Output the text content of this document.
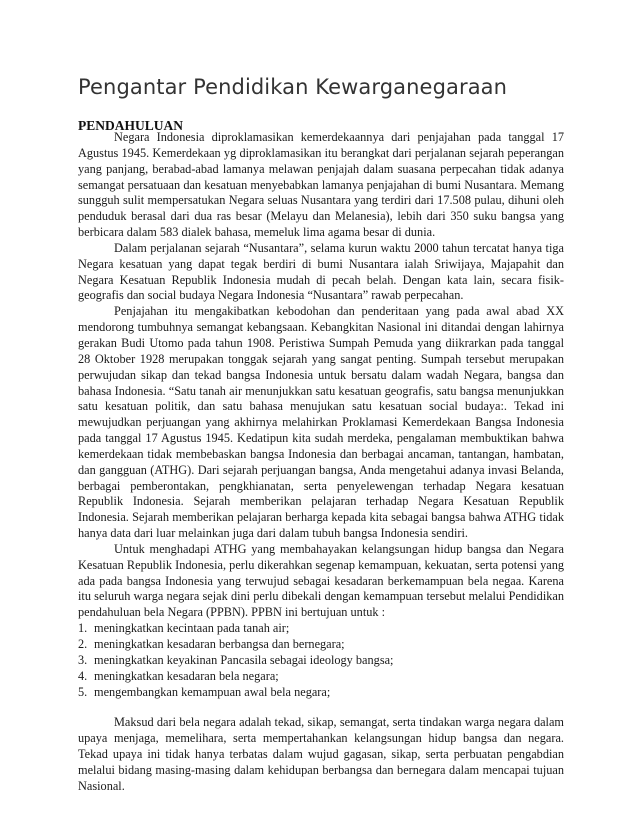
Pengantar Pendidikan Kewarganegaraan
PENDAHULUAN

Negara Indonesia diproklamasikan kemerdekaannya dari penjajahan pada tanggal 17 Agustus 1945. Kemerdekaan yg diproklamasikan itu berangkat dari perjalanan sejarah peperangan yang panjang, berabad-abad lamanya melawan penjajah dalam suasana perpecahan tidak adanya semangat persatuaan dan kesatuan menyebabkan lamanya penjajahan di bumi Nusantara. Memang sungguh sulit mempersatukan Negara seluas Nusantara yang terdiri dari 17.508 pulau, dihuni oleh penduduk berasal dari dua ras besar (Melayu dan Melanesia), lebih dari 350 suku bangsa yang berbicara dalam 583 dialek bahasa, memeluk lima agama besar di dunia.

Dalam perjalanan sejarah “Nusantara”, selama kurun waktu 2000 tahun tercatat hanya tiga Negara kesatuan yang dapat tegak berdiri di bumi Nusantara ialah Sriwijaya, Majapahit dan Negara Kesatuan Republik Indonesia mudah di pecah belah. Dengan kata lain, secara fisik-geografis dan social budaya Negara Indonesia “Nusantara” rawab perpecahan.

Penjajahan itu mengakibatkan kebodohan dan penderitaan yang pada awal abad XX mendorong tumbuhnya semangat kebangsaan. Kebangkitan Nasional ini ditandai dengan lahirnya gerakan Budi Utomo pada tahun 1908. Peristiwa Sumpah Pemuda yang diikrarkan pada tanggal 28 Oktober 1928 merupakan tonggak sejarah yang sangat penting. Sumpah tersebut merupakan perwujudan sikap dan tekad bangsa Indonesia untuk bersatu dalam wadah Negara, bangsa dan bahasa Indonesia. “Satu tanah air menunjukkan satu kesatuan geografis, satu bangsa menunjukkan satu kesatuan politik, dan satu bahasa menujukan satu kesatuan social budaya:. Tekad ini mewujudkan perjuangan yang akhirnya melahirkan Proklamasi Kemerdekaan Bangsa Indonesia pada tanggal 17 Agustus 1945. Kedatipun kita sudah merdeka, pengalaman membuktikan bahwa kemerdekaan tidak membebaskan bangsa Indonesia dan berbagai ancaman, tantangan, hambatan, dan gangguan (ATHG). Dari sejarah perjuangan bangsa, Anda mengetahui adanya invasi Belanda, berbagai pemberontakan, pengkhianatan, serta penyelewengan terhadap Negara kesatuan Republik Indonesia. Sejarah memberikan pelajaran terhadap Negara Kesatuan Republik Indonesia. Sejarah memberikan pelajaran berharga kepada kita sebagai bangsa bahwa ATHG tidak hanya data dari luar melainkan juga dari dalam tubuh bangsa Indonesia sendiri.

Untuk menghadapi ATHG yang membahayakan kelangsungan hidup bangsa dan Negara Kesatuan Republik Indonesia, perlu dikerahkan segenap kemampuan, kekuatan, serta potensi yang ada pada bangsa Indonesia yang terwujud sebagai kesadaran berkemampuan bela negaa. Karena itu seluruh warga negara sejak dini perlu dibekali dengan kemampuan tersebut melalui Pendidikan pendahuluan bela Negara (PPBN). PPBN ini bertujuan untuk :

1. meningkatkan kecintaan pada tanah air;
2. meningkatkan kesadaran berbangsa dan bernegara;
3. meningkatkan keyakinan Pancasila sebagai ideology bangsa;
4. meningkatkan kesadaran bela negara;
5. mengembangkan kemampuan awal bela negara;

Maksud dari bela negara adalah tekad, sikap, semangat, serta tindakan warga negara dalam upaya menjaga, memelihara, serta mempertahankan kelangsungan hidup bangsa dan negara. Tekad upaya ini tidak hanya terbatas dalam wujud gagasan, sikap, serta perbuatan pengabdian melalui bidang masing-masing dalam kehidupan berbangsa dan bernegara dalam mencapai tujuan Nasional.
